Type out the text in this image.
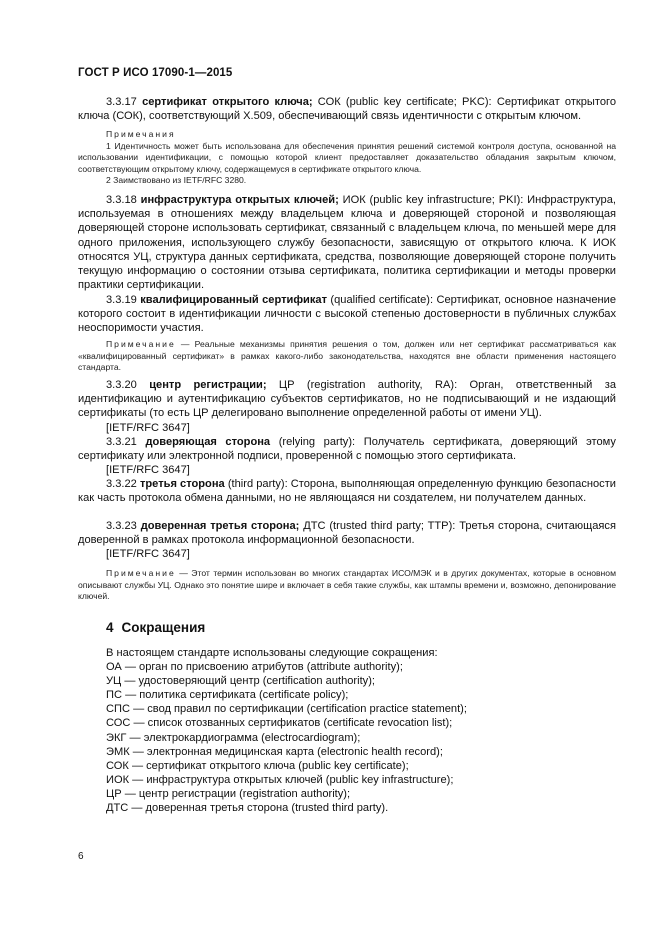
ГОСТ Р ИСО 17090-1—2015

3.3.17 сертификат открытого ключа; СОК (public key certificate; PKC): Сертификат открытого ключа (СОК), соответствующий Х.509, обеспечивающий связь идентичности с открытым ключом.

Примечания

1 Идентичность может быть использована для обеспечения принятия решений системой контроля доступа, основанной на использовании идентификации, с помощью которой клиент предоставляет доказательство обладания закрытым ключом, соответствующим открытому ключу, содержащемуся в сертификате открытого ключа.

2 Заимствовано из IETF/RFC 3280.

3.3.18 инфраструктура открытых ключей; ИОК (public key infrastructure; PKI): Инфраструктура, используемая в отношениях между владельцем ключа и доверяющей стороной и позволяющая доверяющей стороне использовать сертификат, связанный с владельцем ключа, по меньшей мере для одного приложения, использующего службу безопасности, зависящую от открытого ключа. К ИОК относятся УЦ, структура данных сертификата, средства, позволяющие доверяющей стороне получить текущую информацию о состоянии отзыва сертификата, политика сертификации и методы проверки практики сертификации.

3.3.19 квалифицированный сертификат (qualified certificate): Сертификат, основное назначение которого состоит в идентификации личности с высокой степенью достоверности в публичных службах неоспоримости участия.

Примечание — Реальные механизмы принятия решения о том, должен или нет сертификат рассматриваться как «квалифицированный сертификат» в рамках какого-либо законодательства, находятся вне области применения настоящего стандарта.

3.3.20 центр регистрации; ЦР (registration authority, RA): Орган, ответственный за идентификацию и аутентификацию субъектов сертификатов, но не подписывающий и не издающий сертификаты (то есть ЦР делегировано выполнение определенной работы от имени УЦ).

[IETF/RFC 3647]

3.3.21 доверяющая сторона (relying party): Получатель сертификата, доверяющий этому сертификату или электронной подписи, проверенной с помощью этого сертификата.

[IETF/RFC 3647]

3.3.22 третья сторона (third party): Сторона, выполняющая определенную функцию безопасности как часть протокола обмена данными, но не являющаяся ни создателем, ни получателем данных.

3.3.23 доверенная третья сторона; ДТС (trusted third party; TTP): Третья сторона, считающаяся доверенной в рамках протокола информационной безопасности.

[IETF/RFC 3647]

Примечание — Этот термин использован во многих стандартах ИСО/МЭК и в других документах, которые в основном описывают службы УЦ. Однако это понятие шире и включает в себя такие службы, как штампы времени и, возможно, депонирование ключей.

4 Сокращения
В настоящем стандарте использованы следующие сокращения:
ОА — орган по присвоению атрибутов (attribute authority);
УЦ — удостоверяющий центр (certification authority);
ПС — политика сертификата (certificate policy);
СПС — свод правил по сертификации (certification practice statement);
СОС — список отозванных сертификатов (certificate revocation list);
ЭКГ — электрокардиограмма (electrocardiogram);
ЭМК — электронная медицинская карта (electronic health record);
СОК — сертификат открытого ключа (public key certificate);
ИОК — инфраструктура открытых ключей (public key infrastructure);
ЦР — центр регистрации (registration authority);
ДТС — доверенная третья сторона (trusted third party).
6
